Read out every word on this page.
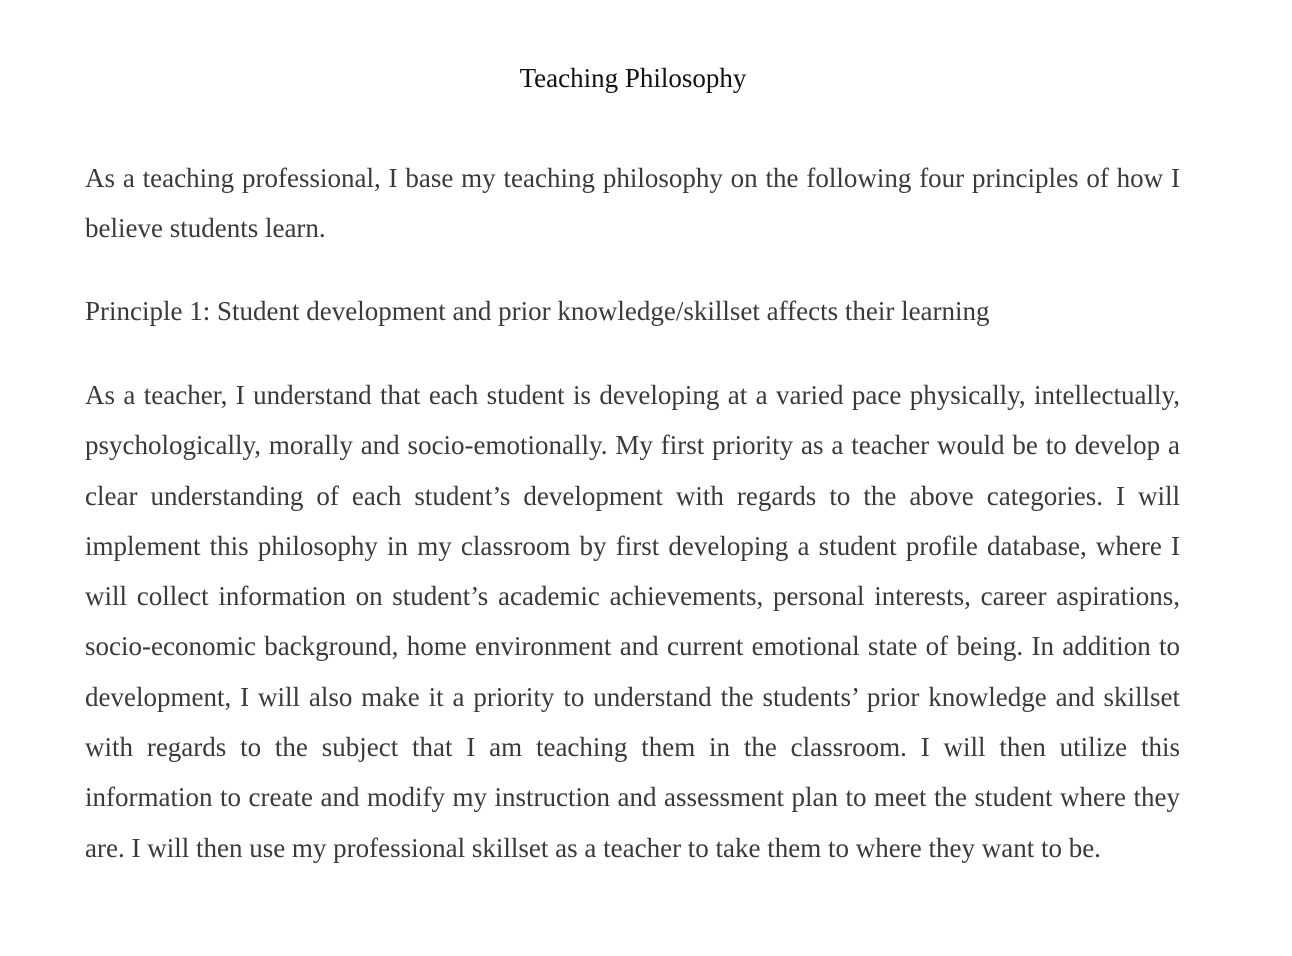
Teaching Philosophy

As a teaching professional, I base my teaching philosophy on the following four principles of how I believe students learn.

Principle 1: Student development and prior knowledge/skillset affects their learning

As a teacher, I understand that each student is developing at a varied pace physically, intellectually, psychologically, morally and socio-emotionally. My first priority as a teacher would be to develop a clear understanding of each student’s development with regards to the above categories. I will implement this philosophy in my classroom by first developing a student profile database, where I will collect information on student’s academic achievements, personal interests, career aspirations, socio-economic background, home environment and current emotional state of being. In addition to development, I will also make it a priority to understand the students’ prior knowledge and skillset with regards to the subject that I am teaching them in the classroom. I will then utilize this information to create and modify my instruction and assessment plan to meet the student where they are. I will then use my professional skillset as a teacher to take them to where they want to be.
